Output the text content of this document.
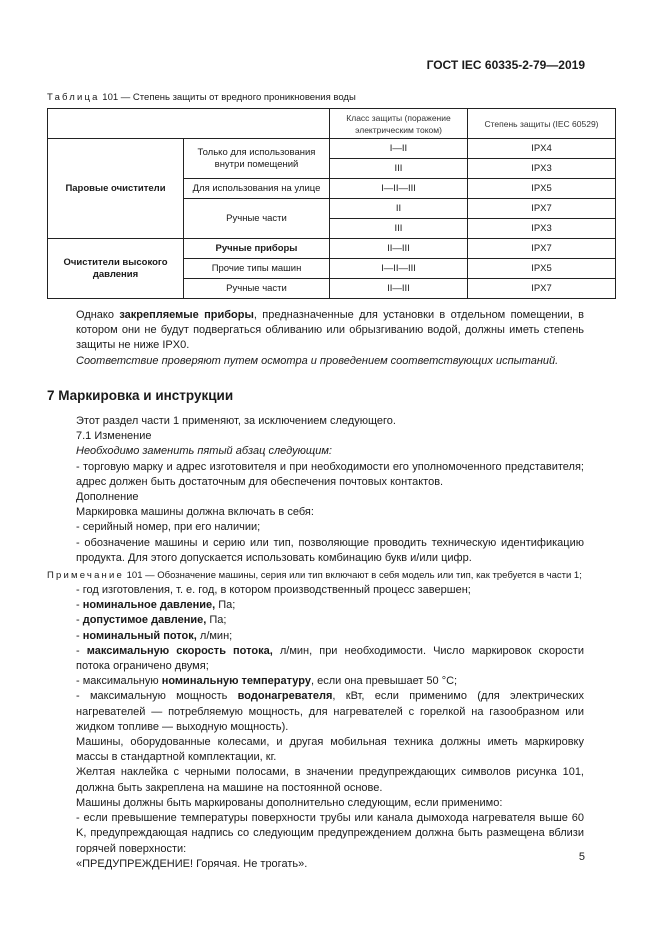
ГОСТ IEC 60335-2-79—2019
Таблица 101 — Степень защиты от вредного проникновения воды
		Класс защиты (поражение электрическим током)	Степень защиты (IEC 60529)
Паровые очистители	Только для использования внутри помещений	I—II	IPX4
		III	IPX3
	Для использования на улице	I—II—III	IPX5
	Ручные части	II	IPX7
		III	IPX3
Очистители высокого давления	Ручные приборы	II—III	IPX7
	Прочие типы машин	I—II—III	IPX5
	Ручные части	II—III	IPX7

Однако закрепляемые приборы, предназначенные для установки в отдельном помещении, в котором они не будут подвергаться обливанию или обрызгиванию водой, должны иметь степень защиты не ниже IPX0.

Соответствие проверяют путем осмотра и проведением соответствующих испытаний.

7 Маркировка и инструкции

Этот раздел части 1 применяют, за исключением следующего.

7.1 Изменение

Необходимо заменить пятый абзац следующим:

- торговую марку и адрес изготовителя и при необходимости его уполномоченного представителя; адрес должен быть достаточным для обеспечения почтовых контактов.

Дополнение

Маркировка машины должна включать в себя:

- серийный номер, при его наличии;

- обозначение машины и серию или тип, позволяющие проводить техническую идентификацию продукта. Для этого допускается использовать комбинацию букв и/или цифр.

Примечание 101 — Обозначение машины, серия или тип включают в себя модель или тип, как требуется в части 1;

- год изготовления, т. е. год, в котором производственный процесс завершен;

- номинальное давление, Па;

- допустимое давление, Па;

- номинальный поток, л/мин;

- максимальную скорость потока, л/мин, при необходимости. Число маркировок скорости потока ограничено двумя;

- максимальную номинальную температуру, если она превышает 50 °С;

- максимальную мощность водонагревателя, кВт, если применимо (для электрических нагревателей — потребляемую мощность, для нагревателей с горелкой на газообразном или жидком топливе — выходную мощность).

Машины, оборудованные колесами, и другая мобильная техника должны иметь маркировку массы в стандартной комплектации, кг.

Желтая наклейка с черными полосами, в значении предупреждающих символов рисунка 101, должна быть закреплена на машине на постоянной основе.

Машины должны быть маркированы дополнительно следующим, если применимо:

- если превышение температуры поверхности трубы или канала дымохода нагревателя выше 60 K, предупреждающая надпись со следующим предупреждением должна быть размещена вблизи горячей поверхности:

«ПРЕДУПРЕЖДЕНИЕ! Горячая. Не трогать».

5
